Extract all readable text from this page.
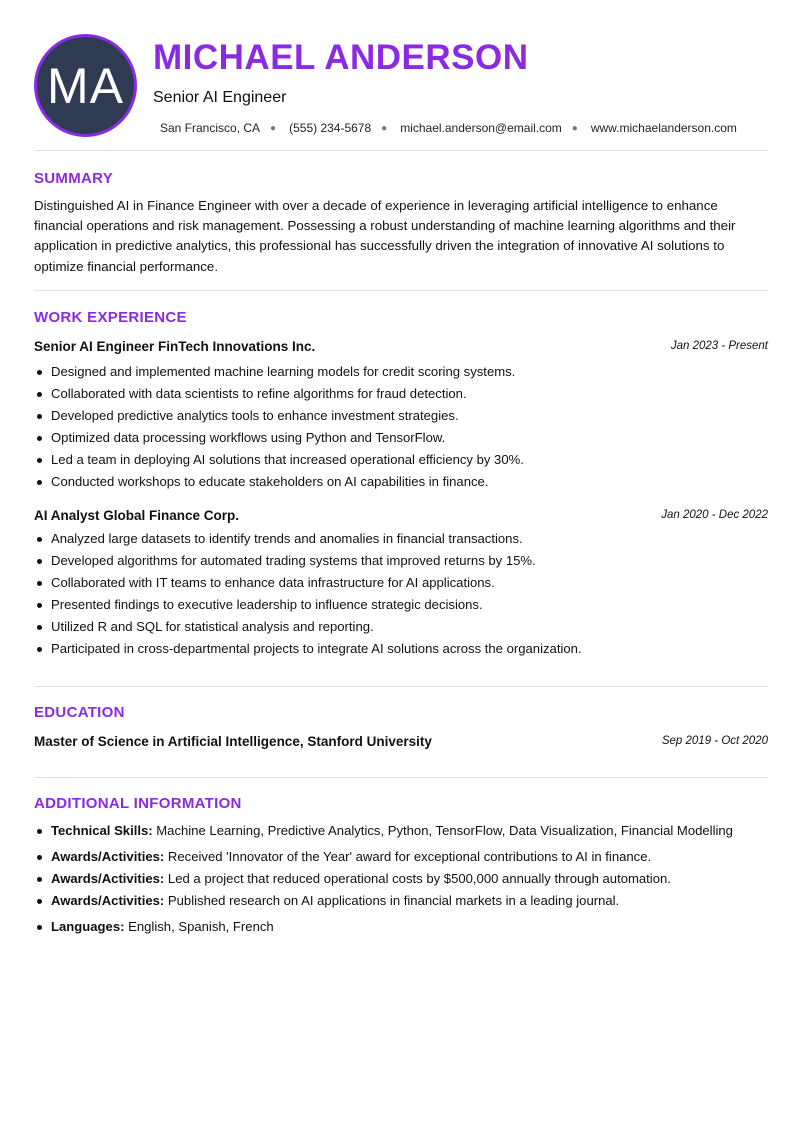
MA MICHAEL ANDERSON
Senior AI Engineer
San Francisco, CA ● (555) 234-5678 ● michael.anderson@email.com ● www.michaelanderson.com
SUMMARY
Distinguished AI in Finance Engineer with over a decade of experience in leveraging artificial intelligence to enhance financial operations and risk management. Possessing a robust understanding of machine learning algorithms and their application in predictive analytics, this professional has successfully driven the integration of innovative AI solutions to optimize financial performance.
WORK EXPERIENCE
Senior AI Engineer FinTech Innovations Inc.	Jan 2023 - Present
Designed and implemented machine learning models for credit scoring systems.
Collaborated with data scientists to refine algorithms for fraud detection.
Developed predictive analytics tools to enhance investment strategies.
Optimized data processing workflows using Python and TensorFlow.
Led a team in deploying AI solutions that increased operational efficiency by 30%.
Conducted workshops to educate stakeholders on AI capabilities in finance.
AI Analyst Global Finance Corp.	Jan 2020 - Dec 2022
Analyzed large datasets to identify trends and anomalies in financial transactions.
Developed algorithms for automated trading systems that improved returns by 15%.
Collaborated with IT teams to enhance data infrastructure for AI applications.
Presented findings to executive leadership to influence strategic decisions.
Utilized R and SQL for statistical analysis and reporting.
Participated in cross-departmental projects to integrate AI solutions across the organization.
EDUCATION
Master of Science in Artificial Intelligence, Stanford University	Sep 2019 - Oct 2020
ADDITIONAL INFORMATION
Technical Skills: Machine Learning, Predictive Analytics, Python, TensorFlow, Data Visualization, Financial Modelling
Awards/Activities: Received 'Innovator of the Year' award for exceptional contributions to AI in finance.
Awards/Activities: Led a project that reduced operational costs by $500,000 annually through automation.
Awards/Activities: Published research on AI applications in financial markets in a leading journal.
Languages: English, Spanish, French
